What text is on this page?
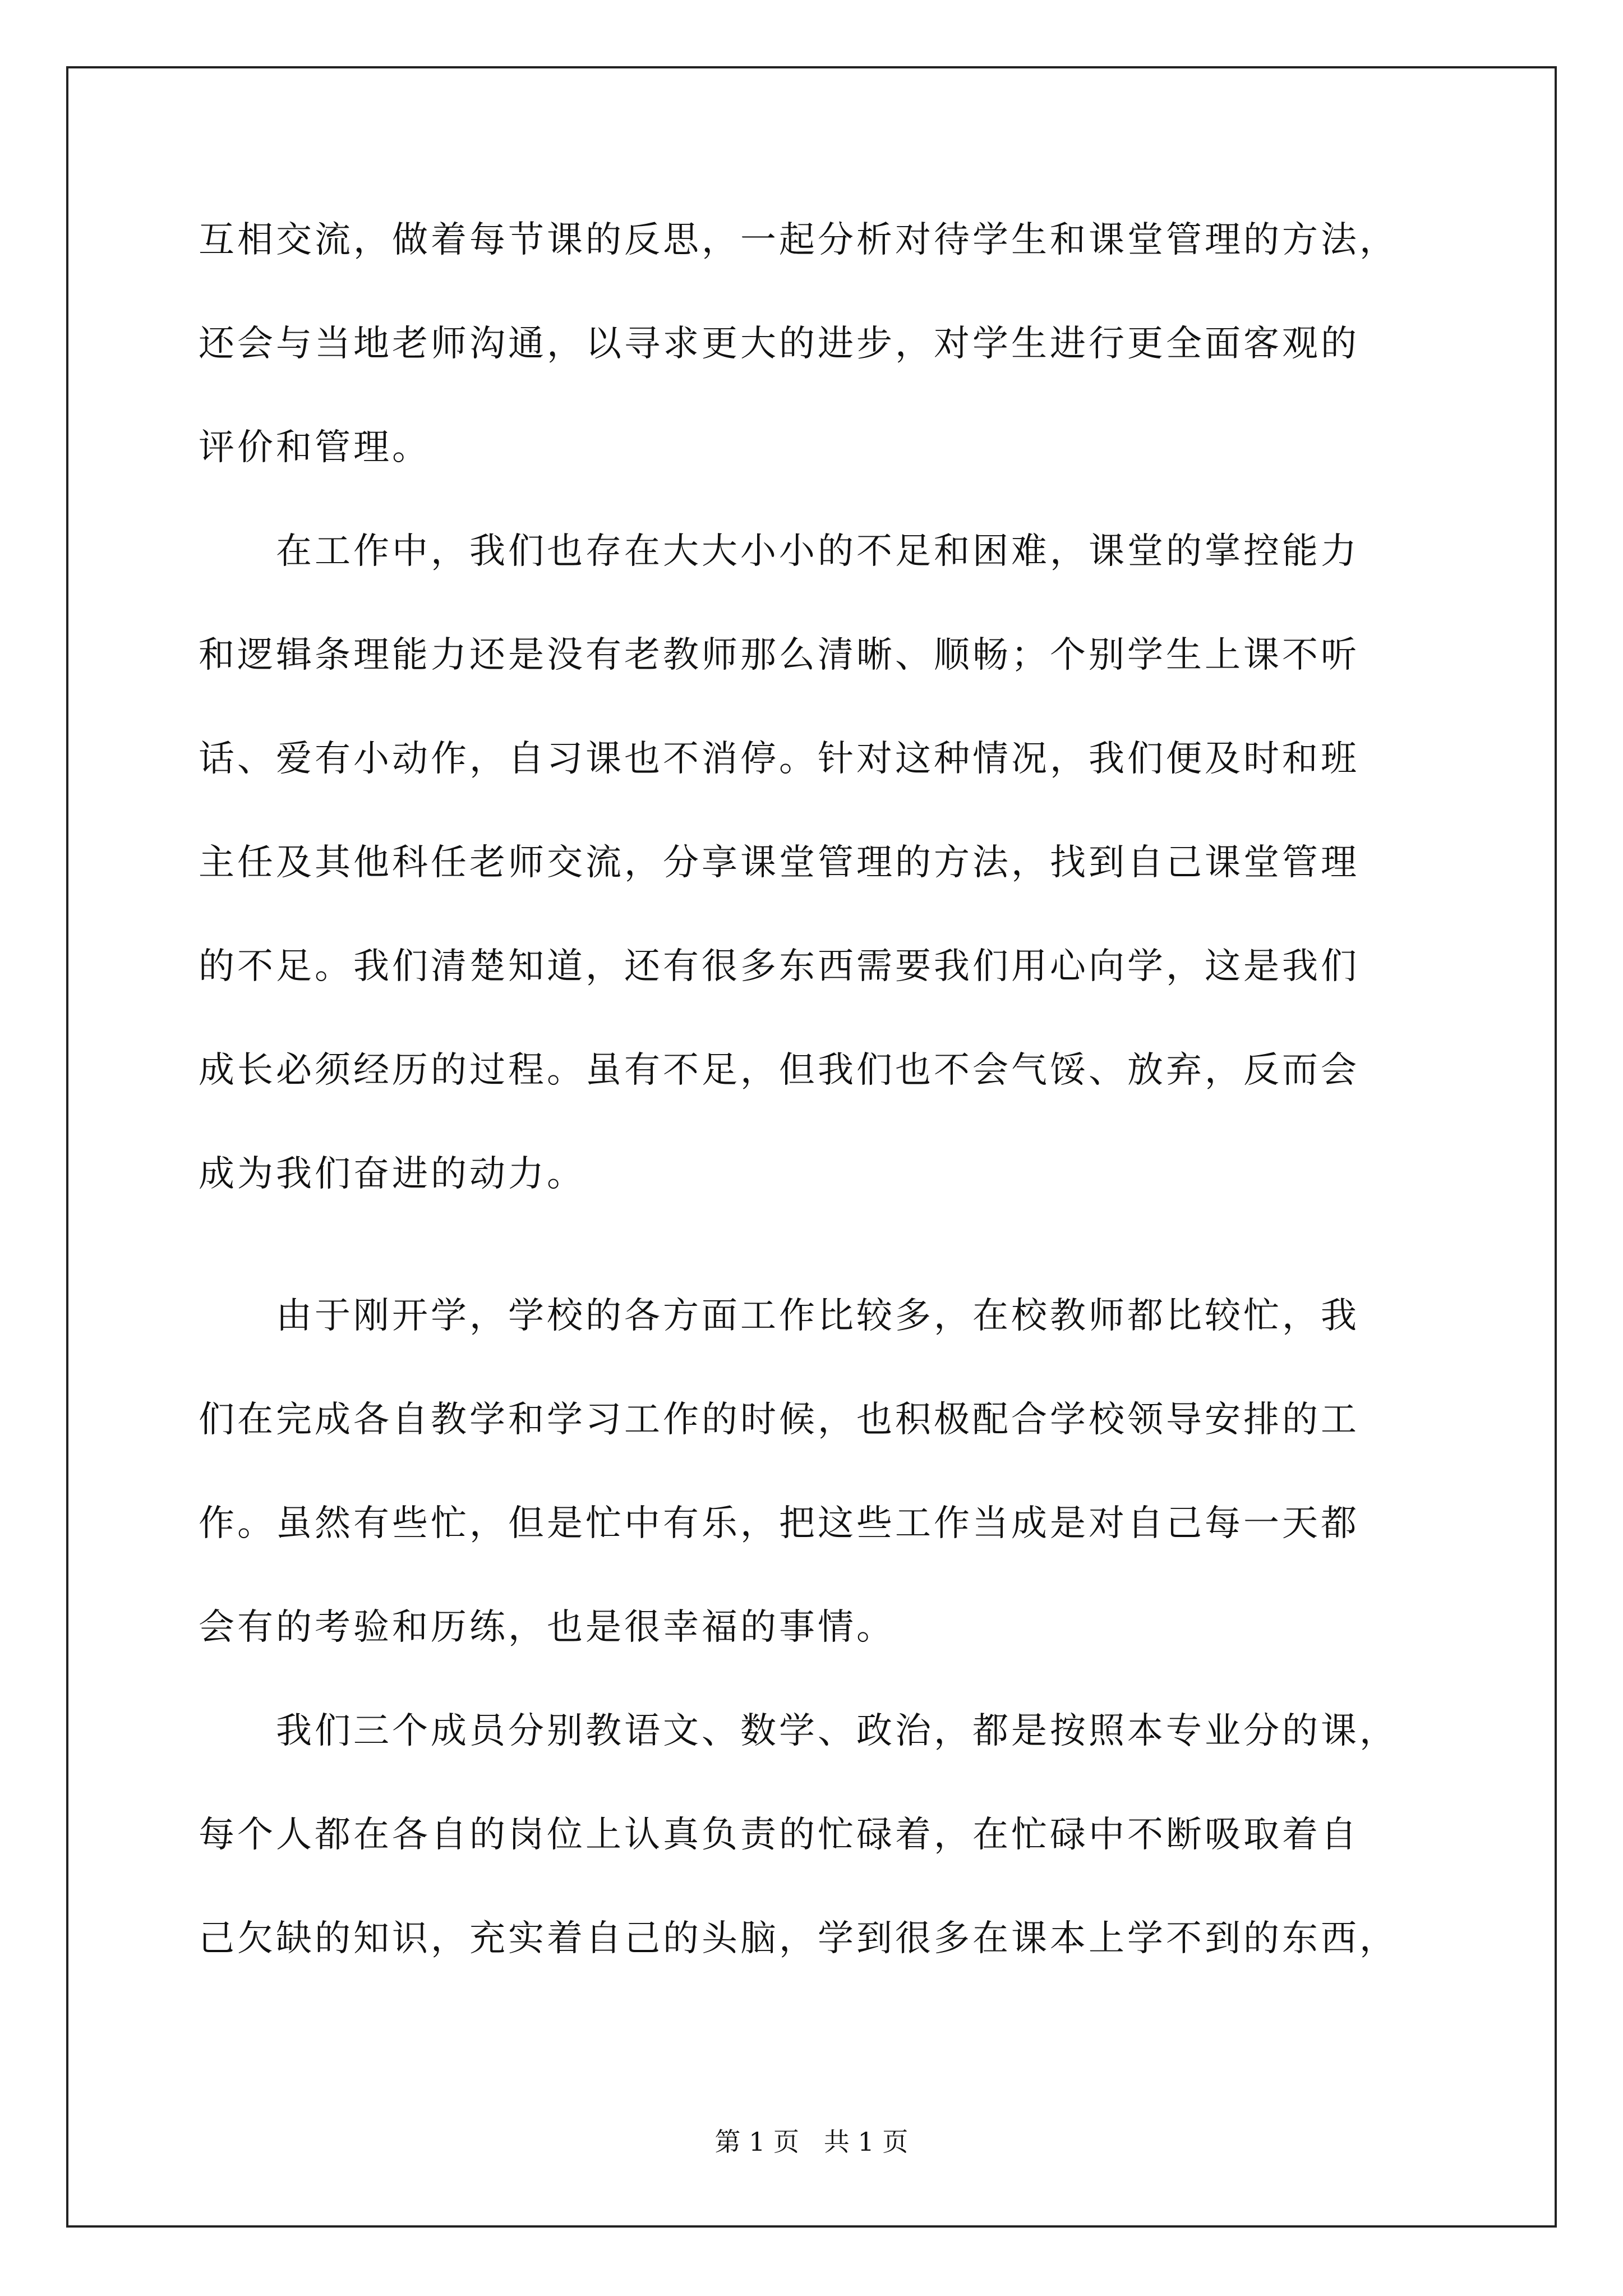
互相交流，做着每节课的反思，一起分析对待学生和课堂管理的方法，

还会与当地老师沟通，以寻求更大的进步，对学生进行更全面客观的

评价和管理。

　　在工作中，我们也存在大大小小的不足和困难，课堂的掌控能力

和逻辑条理能力还是没有老教师那么清晰、顺畅；个别学生上课不听

话、爱有小动作，自习课也不消停。针对这种情况，我们便及时和班

主任及其他科任老师交流，分享课堂管理的方法，找到自己课堂管理

的不足。我们清楚知道，还有很多东西需要我们用心向学，这是我们

成长必须经历的过程。虽有不足，但我们也不会气馁、放弃，反而会

成为我们奋进的动力。

　　由于刚开学，学校的各方面工作比较多，在校教师都比较忙，我

们在完成各自教学和学习工作的时候，也积极配合学校领导安排的工

作。虽然有些忙，但是忙中有乐，把这些工作当成是对自己每一天都

会有的考验和历练，也是很幸福的事情。

　　我们三个成员分别教语文、数学、政治，都是按照本专业分的课，

每个人都在各自的岗位上认真负责的忙碌着，在忙碌中不断吸取着自

己欠缺的知识，充实着自己的头脑，学到很多在课本上学不到的东西，

第 1 页   共 1 页
